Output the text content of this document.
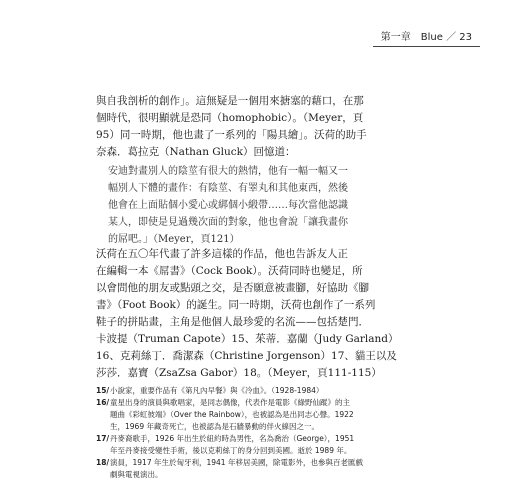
第一章　Blue ／ 23

與自我剖析的創作」。這無疑是一個用來搪塞的藉口，在那
個時代，很明顯就是恐同（homophobic）。（Meyer，頁
95）同一時期，他也畫了一系列的「陽具繪」。沃荷的助手
奈森．葛拉克（Nathan Gluck）回憶道：

安迪對畫別人的陰莖有很大的熱情，他有一幅一幅又一
幅別人下體的畫作：有陰莖、有睪丸和其他東西，然後
他會在上面貼個小愛心或綁個小緞帶……每次當他認識
某人，即使是見過幾次面的對象，他也會說「讓我畫你
的屌吧。」（Meyer，頁121）

沃荷在五〇年代畫了許多這樣的作品，他也告訴友人正
在編輯一本《屌書》（Cock Book）。沃荷同時也變足，所
以會問他的朋友或點頭之交，是否願意被畫腳，好協助《腳
書》（Foot Book）的誕生。同一時期，沃荷也創作了一系列
鞋子的拼貼畫，主角是他個人最珍愛的名流——包括楚門．
卡波提（Truman Capote）15、茱蒂．嘉蘭（Judy Garland）
16、克莉絲丁．喬潔森（Christine Jorgenson）17、貓王以及
莎莎．嘉寶（ZsaZsa Gabor）18。（Meyer，頁111-115）

15/ 小說家，重要作品有《第凡內早餐》與《冷血》。（1928-1984）
16/ 童星出身的演員與歌唱家，是同志偶像，代表作是電影《綠野仙蹤》的主
題曲《彩虹彼端》（Over the Rainbow），也被認為是出同志心聲。1922
生，1969 年藏奇死亡，也被認為是石牆暴動的伴火線因之一。
17/ 丹麥裔歌手，1926 年出生於紐約時為男性，名為喬治（George），1951
年至丹麥接受變性手術，後以克莉絲丁的身分回到美國。逝於 1989 年。
18/ 演員，1917 年生於匈牙利，1941 年移居美國，除電影外，也參與百老匯戲
劇與電視演出。
